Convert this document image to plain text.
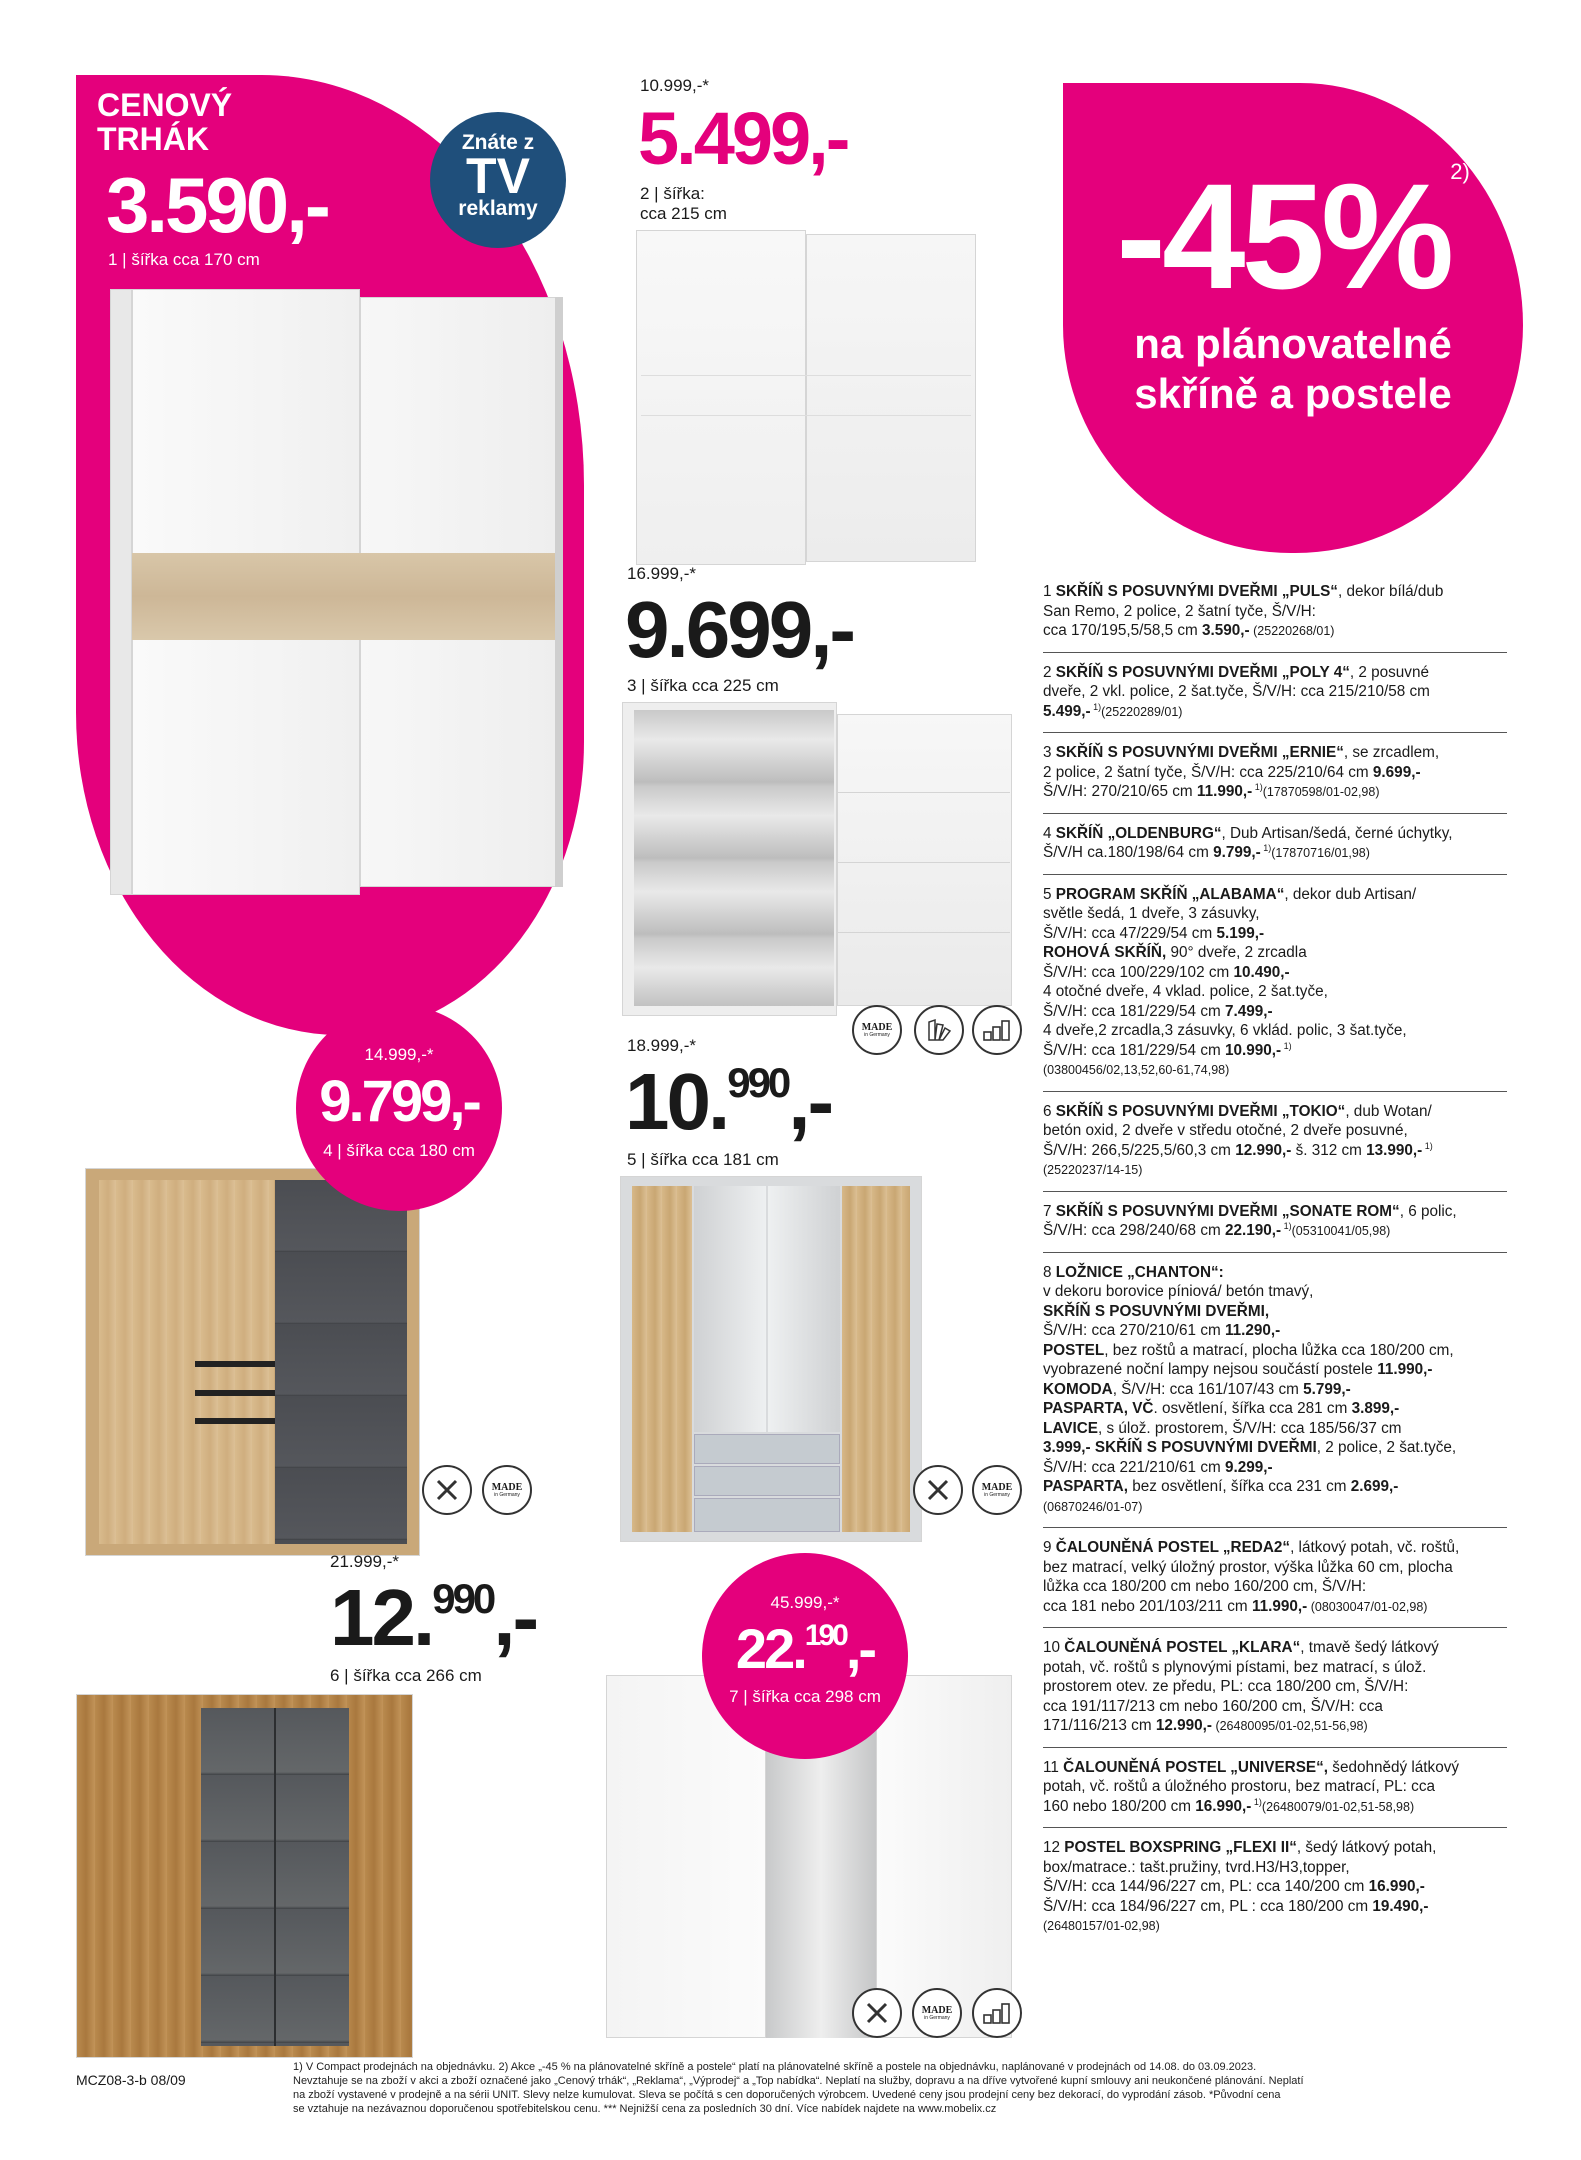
CENOVÝ
TRHÁK
3.590,-
1 | šířka cca 170 cm
Znáte z
TV
reklamy
10.999,-*
5.499,-
2 | šířka:
cca 215 cm	-45%$^{2)}$
na plánovatelné
skříně a postele
16.999,-*
9.699,-
3 | šířka cca 225 cm
MADE
in Germany
14.999,-*
9.799,-
4 | šířka cca 180 cm
MADE
in Germany
18.999,-*
10.$^{990}$,-
5 | šířka cca 181 cm
MADE
in Germany
21.999,-*
12.$^{990}$,-
6 | šířka cca 266 cm
45.999,-*
22.$^{190}$,-
7 | šířka cca 298 cm
MADE
in Germany
1 SKŘÍŇ S POSUVNÝMI DVEŘMI „PULS“, dekor bílá/dub
San Remo, 2 police, 2 šatní tyče, Š/V/H:
cca 170/195,5/58,5 cm 3.590,- (25220268/01)
2 SKŘÍŇ S POSUVNÝMI DVEŘMI „POLY 4“, 2 posuvné
dveře, 2 vkl. police, 2 šat.tyče, Š/V/H: cca 215/210/58 cm
5.499,- $^{1)}$(25220289/01)
3 SKŘÍŇ S POSUVNÝMI DVEŘMI „ERNIE“, se zrcadlem,
2 police, 2 šatní tyče, Š/V/H: cca 225/210/64 cm 9.699,-
Š/V/H: 270/210/65 cm 11.990,- $^{1)}$(17870598/01-02,98)
4 SKŘÍŇ „OLDENBURG“, Dub Artisan/šedá, černé úchytky,
Š/V/H ca.180/198/64 cm 9.799,- $^{1)}$(17870716/01,98)
5 PROGRAM SKŘÍŇ „ALABAMA“, dekor dub Artisan/
světle šedá, 1 dveře, 3 zásuvky,
Š/V/H: cca 47/229/54 cm 5.199,-
ROHOVÁ SKŘÍŇ, 90° dveře, 2 zrcadla
Š/V/H: cca 100/229/102 cm 10.490,-
4 otočné dveře, 4 vklad. police, 2 šat.tyče,
Š/V/H: cca 181/229/54 cm 7.499,-
4 dveře,2 zrcadla,3 zásuvky, 6 vklád. polic, 3 šat.tyče,
Š/V/H: cca 181/229/54 cm 10.990,- $^{1)}$
(03800456/02,13,52,60-61,74,98)
6 SKŘÍŇ S POSUVNÝMI DVEŘMI „TOKIO“, dub Wotan/
betón oxid, 2 dveře v středu otočné, 2 dveře posuvné,
Š/V/H: 266,5/225,5/60,3 cm 12.990,- š. 312 cm 13.990,- $^{1)}$
(25220237/14-15)
7 SKŘÍŇ S POSUVNÝMI DVEŘMI „SONATE ROM“, 6 polic,
Š/V/H: cca 298/240/68 cm 22.190,- $^{1)}$(05310041/05,98)
8 LOŽNICE „CHANTON“:
v dekoru borovice píniová/ betón tmavý,
SKŘÍŇ S POSUVNÝMI DVEŘMI,
Š/V/H: cca 270/210/61 cm 11.290,-
POSTEL, bez roštů a matrací, plocha lůžka cca 180/200 cm,
vyobrazené noční lampy nejsou součástí postele 11.990,-
KOMODA, Š/V/H: cca 161/107/43 cm 5.799,-
PASPARTA, VČ. osvětlení, šířka cca 281 cm 3.899,-
LAVICE, s úlož. prostorem, Š/V/H: cca 185/56/37 cm
3.999,- SKŘÍŇ S POSUVNÝMI DVEŘMI, 2 police, 2 šat.tyče,
Š/V/H: cca 221/210/61 cm 9.299,-
PASPARTA, bez osvětlení, šířka cca 231 cm 2.699,-
(06870246/01-07)
9 ČALOUNĚNÁ POSTEL „REDA2“, látkový potah, vč. roštů,
bez matrací, velký úložný prostor, výška lůžka 60 cm, plocha
lůžka cca 180/200 cm nebo 160/200 cm, Š/V/H:
cca 181 nebo 201/103/211 cm 11.990,- (08030047/01-02,98)
10 ČALOUNĚNÁ POSTEL „KLARA“, tmavě šedý látkový
potah, vč. roštů s plynovými pístami, bez matrací, s úlož.
prostorem otev. ze předu, PL: cca 180/200 cm, Š/V/H:
cca 191/117/213 cm nebo 160/200 cm, Š/V/H: cca
171/116/213 cm 12.990,- (26480095/01-02,51-56,98)
11 ČALOUNĚNÁ POSTEL „UNIVERSE“, šedohnědý látkový
potah, vč. roštů a úložného prostoru, bez matrací, PL: cca
160 nebo 180/200 cm 16.990,- $^{1)}$(26480079/01-02,51-58,98)
12 POSTEL BOXSPRING „FLEXI II“, šedý látkový potah,
box/matrace.: tašt.pružiny, tvrd.H3/H3,topper,
Š/V/H: cca 144/96/227 cm, PL: cca 140/200 cm 16.990,-
Š/V/H: cca 184/96/227 cm, PL : cca 180/200 cm 19.490,-
(26480157/01-02,98)
MCZ08-3-b 08/09
1) V Compact prodejnách na objednávku. 2) Akce „-45 % na plánovatelné skříně a postele“ platí na plánovatelné skříně a postele na objednávku, naplánované v prodejnách od 14.08. do 03.09.2023.
Nevztahuje se na zboží v akci a zboží označené jako „Cenový trhák“, „Reklama“, „Výprodej“ a „Top nabídka“. Neplatí na služby, dopravu a na dříve vytvořené kupní smlouvy ani neukončené plánování. Neplatí
na zboží vystavené v prodejně a na sérii UNIT. Slevy nelze kumulovat. Sleva se počítá s cen doporučených výrobcem. Uvedené ceny jsou prodejní ceny bez dekorací, do vyprodání zásob. *Původní cena
se vztahuje na nezávaznou doporučenou spotřebitelskou cenu. *** Nejnižší cena za posledních 30 dní. Více nabídek najdete na www.mobelix.cz
